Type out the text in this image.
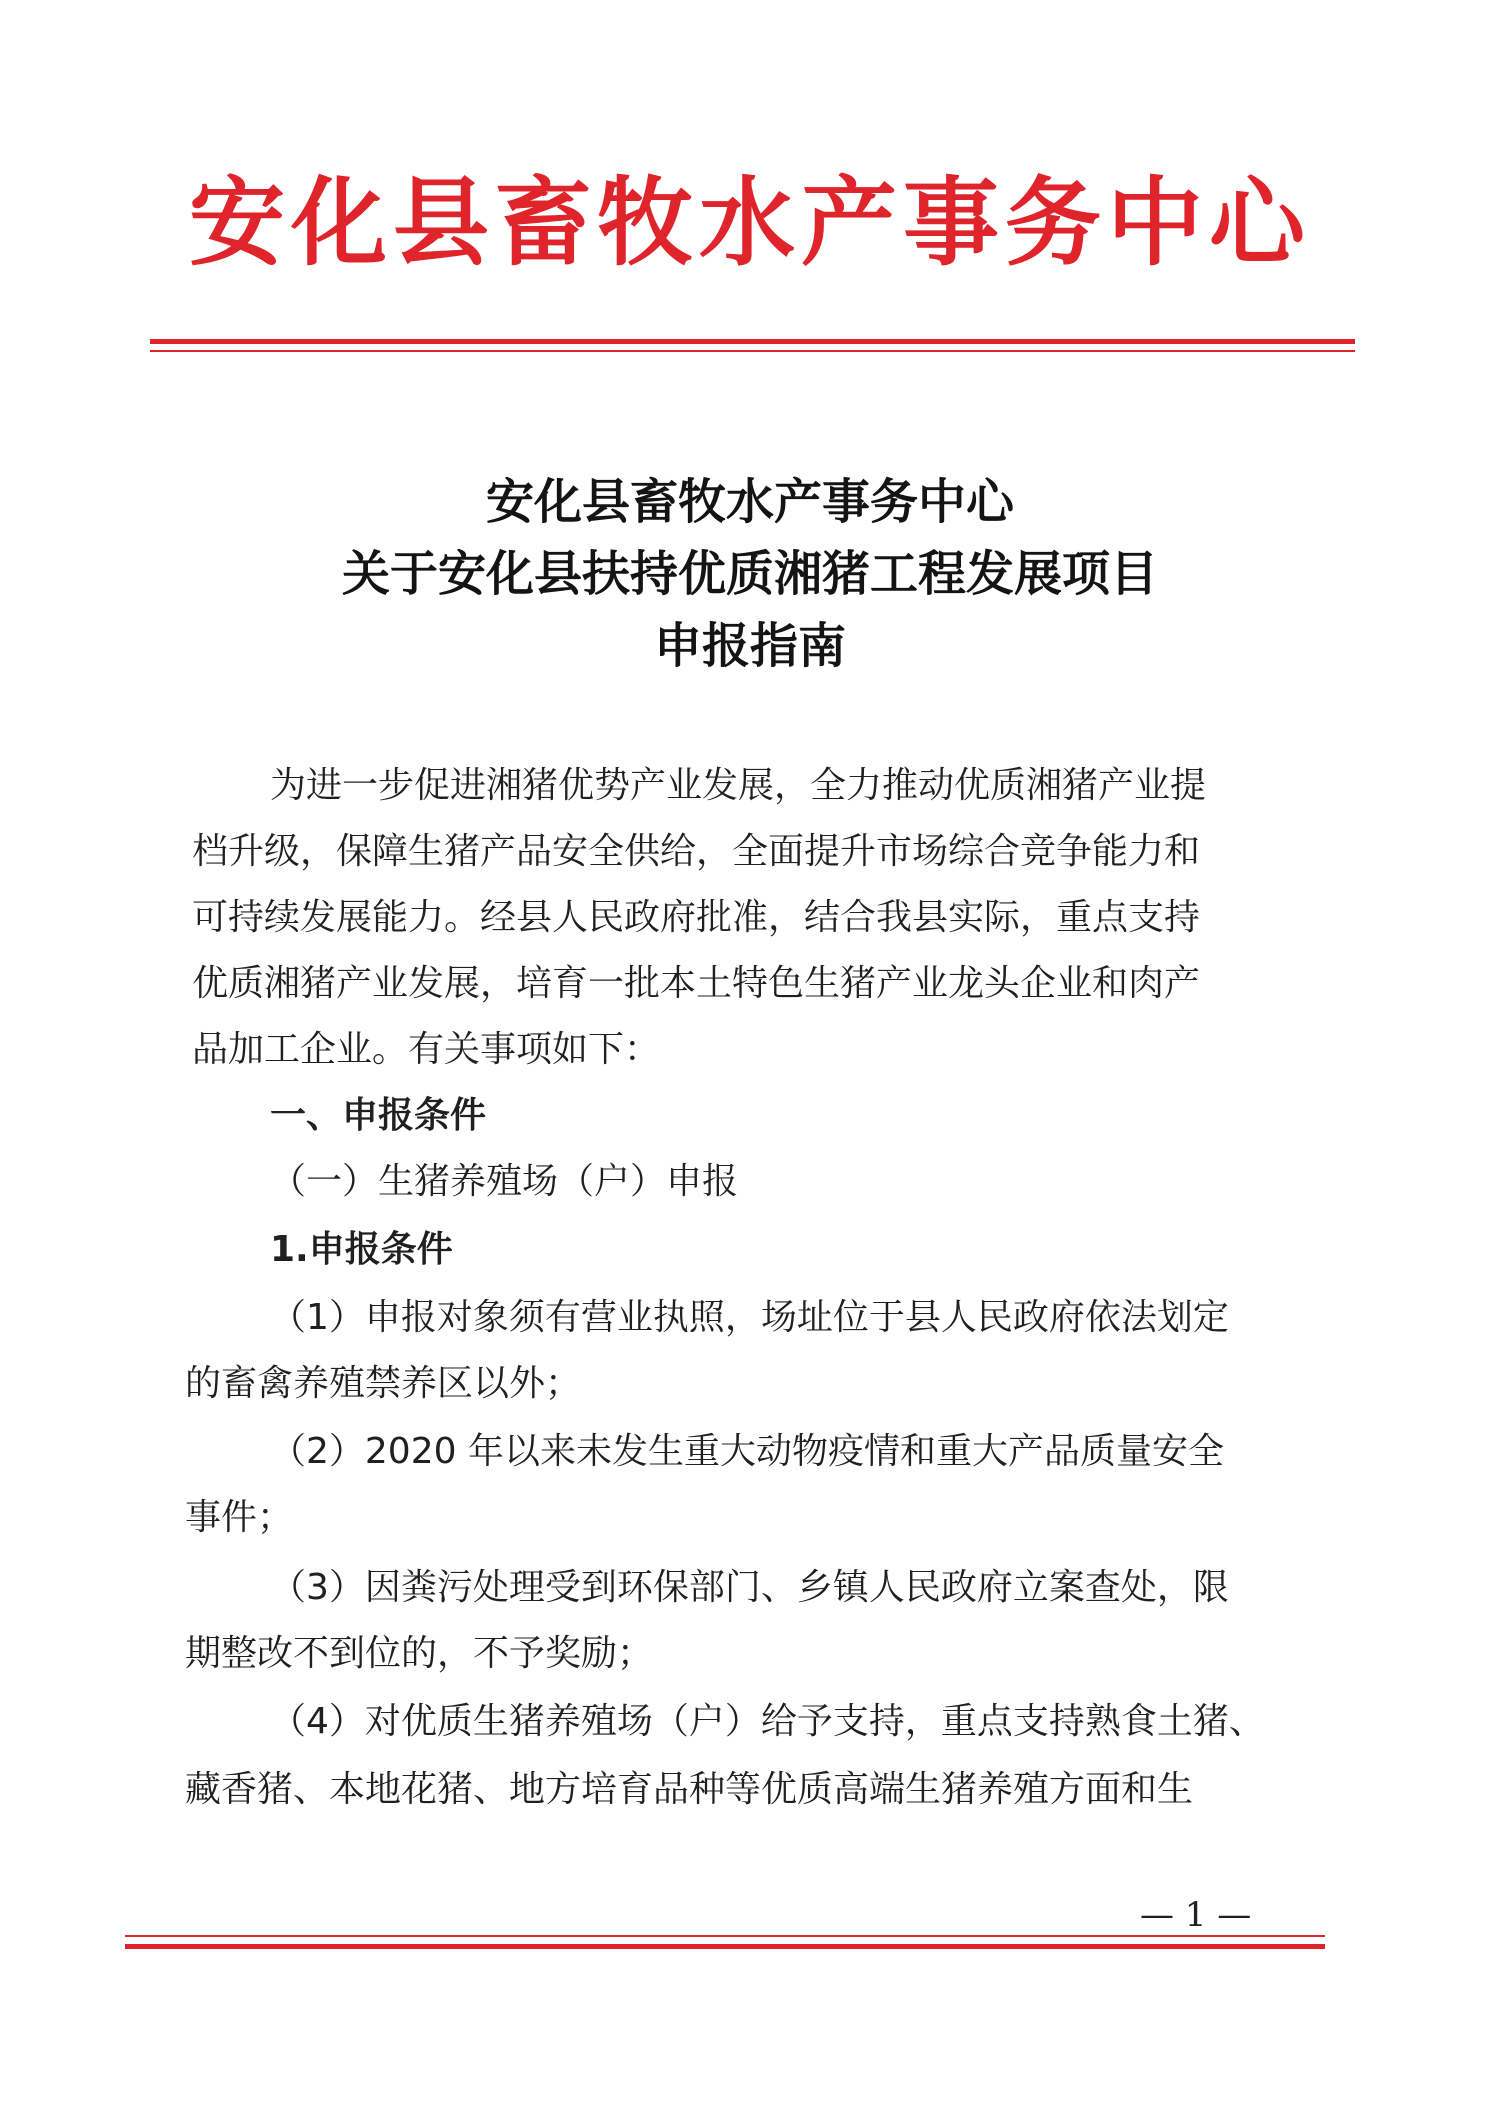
安化县畜牧水产事务中心
安化县畜牧水产事务中心
关于安化县扶持优质湘猪工程发展项目
申报指南
为进一步促进湘猪优势产业发展，全力推动优质湘猪产业提
档升级，保障生猪产品安全供给，全面提升市场综合竞争能力和
可持续发展能力。经县人民政府批准，结合我县实际，重点支持
优质湘猪产业发展，培育一批本土特色生猪产业龙头企业和肉产
品加工企业。有关事项如下：
一、申报条件
（一）生猪养殖场（户）申报
1.申报条件
（1）申报对象须有营业执照，场址位于县人民政府依法划定
的畜禽养殖禁养区以外；
（2）2020 年以来未发生重大动物疫情和重大产品质量安全
事件；
（3）因粪污处理受到环保部门、乡镇人民政府立案查处，限
期整改不到位的，不予奖励；
（4）对优质生猪养殖场（户）给予支持，重点支持熟食土猪、
藏香猪、本地花猪、地方培育品种等优质高端生猪养殖方面和生
— 1 —
